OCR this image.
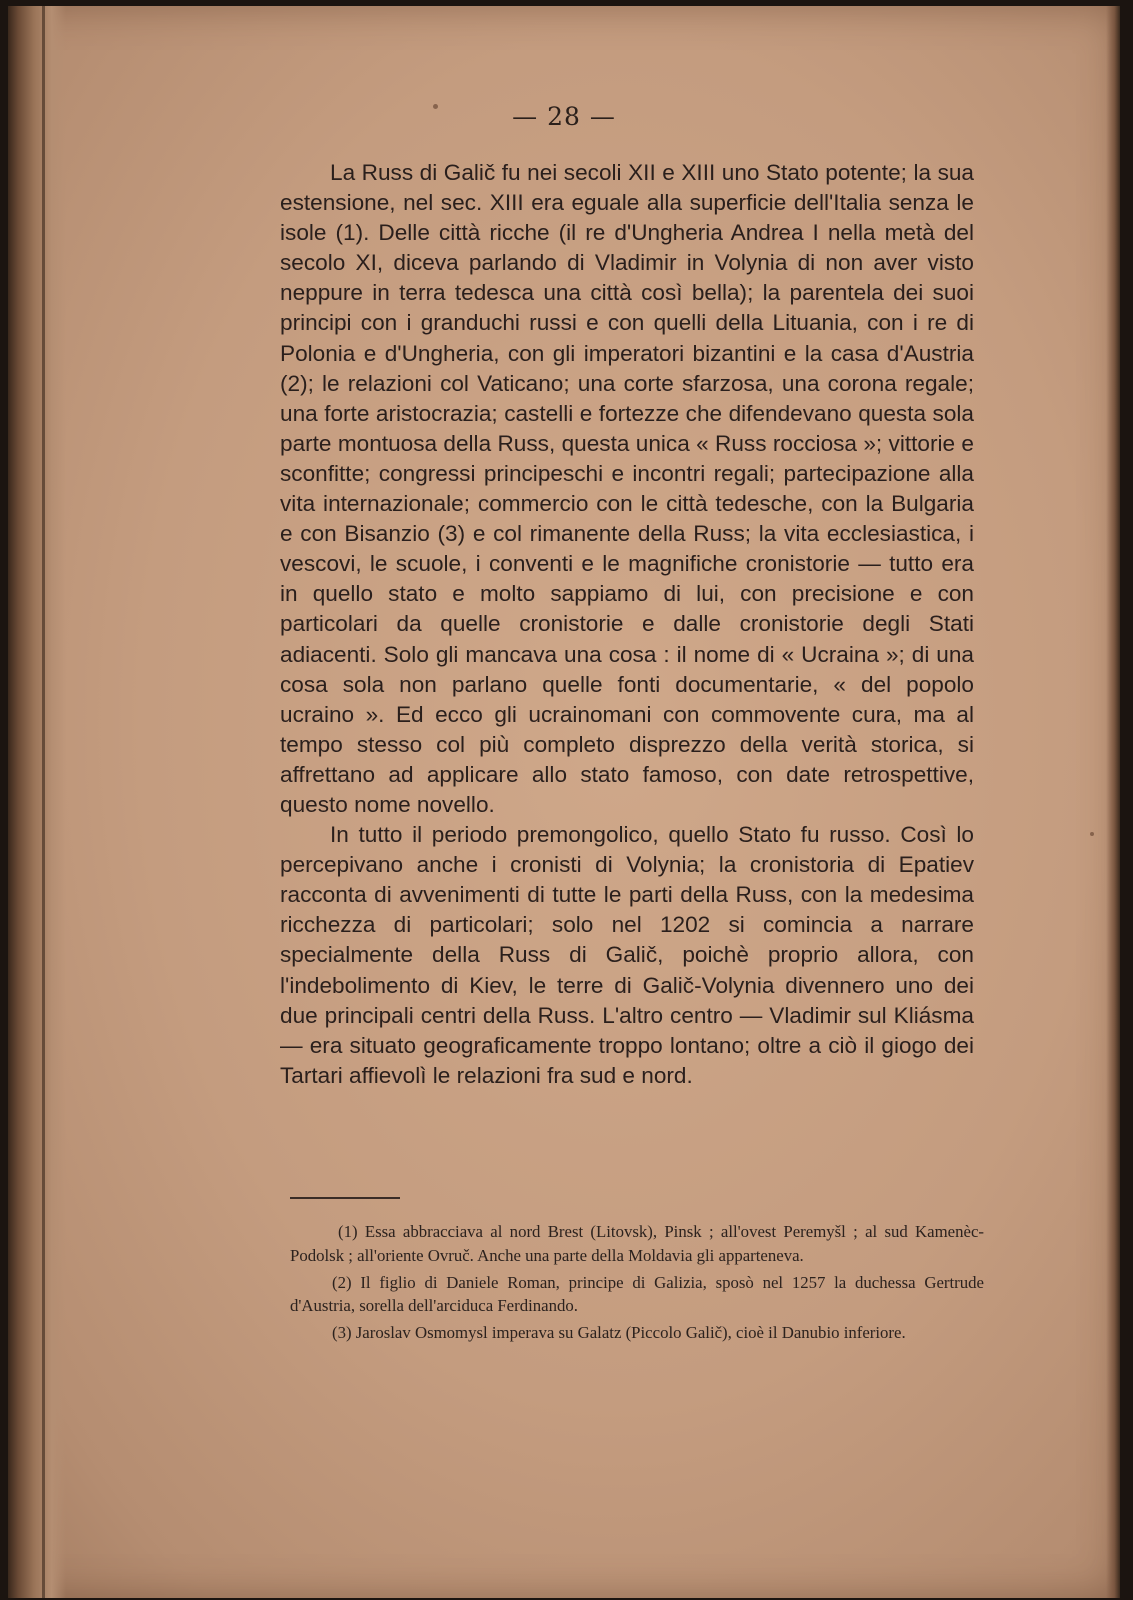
— 28 —

La Russ di Galič fu nei secoli XII e XIII uno Stato potente; la sua estensione, nel sec. XIII era eguale alla superficie dell'Italia senza le isole (1). Delle città ricche (il re d'Ungheria Andrea I nella metà del secolo XI, diceva parlando di Vladimir in Volynia di non aver visto neppure in terra tedesca una città così bella); la parentela dei suoi principi con i granduchi russi e con quelli della Lituania, con i re di Polonia e d'Ungheria, con gli imperatori bizantini e la casa d'Austria (2); le relazioni col Vaticano; una corte sfarzosa, una corona regale; una forte aristocrazia; castelli e fortezze che difendevano questa sola parte montuosa della Russ, questa unica « Russ rocciosa »; vittorie e sconfitte; congressi principeschi e incontri regali; partecipazione alla vita internazionale; commercio con le città tedesche, con la Bulgaria e con Bisanzio (3) e col rimanente della Russ; la vita ecclesiastica, i vescovi, le scuole, i conventi e le magnifiche cronistorie — tutto era in quello stato e molto sappiamo di lui, con precisione e con particolari da quelle cronistorie e dalle cronistorie degli Stati adiacenti. Solo gli mancava una cosa : il nome di « Ucraina »; di una cosa sola non parlano quelle fonti documentarie, « del popolo ucraino ». Ed ecco gli ucrainomani con commovente cura, ma al tempo stesso col più completo disprezzo della verità storica, si affrettano ad applicare allo stato famoso, con date retrospettive, questo nome novello.

In tutto il periodo premongolico, quello Stato fu russo. Così lo percepivano anche i cronisti di Volynia; la cronistoria di Epatiev racconta di avvenimenti di tutte le parti della Russ, con la medesima ricchezza di particolari; solo nel 1202 si comincia a narrare specialmente della Russ di Galič, poichè proprio allora, con l'indebolimento di Kiev, le terre di Galič-Volynia divennero uno dei due principali centri della Russ. L'altro centro — Vladimir sul Kliásma — era situato geograficamente troppo lontano; oltre a ciò il giogo dei Tartari affievolì le relazioni fra sud e nord.

(1) Essa abbracciava al nord Brest (Litovsk), Pinsk ; all'ovest Peremyšl ; al sud Kamenèc-Podolsk ; all'oriente Ovruč. Anche una parte della Moldavia gli apparteneva.

(2) Il figlio di Daniele Roman, principe di Galizia, sposò nel 1257 la duchessa Gertrude d'Austria, sorella dell'arciduca Ferdinando.

(3) Jaroslav Osmomysl imperava su Galatz (Piccolo Galič), cioè il Danubio inferiore.
